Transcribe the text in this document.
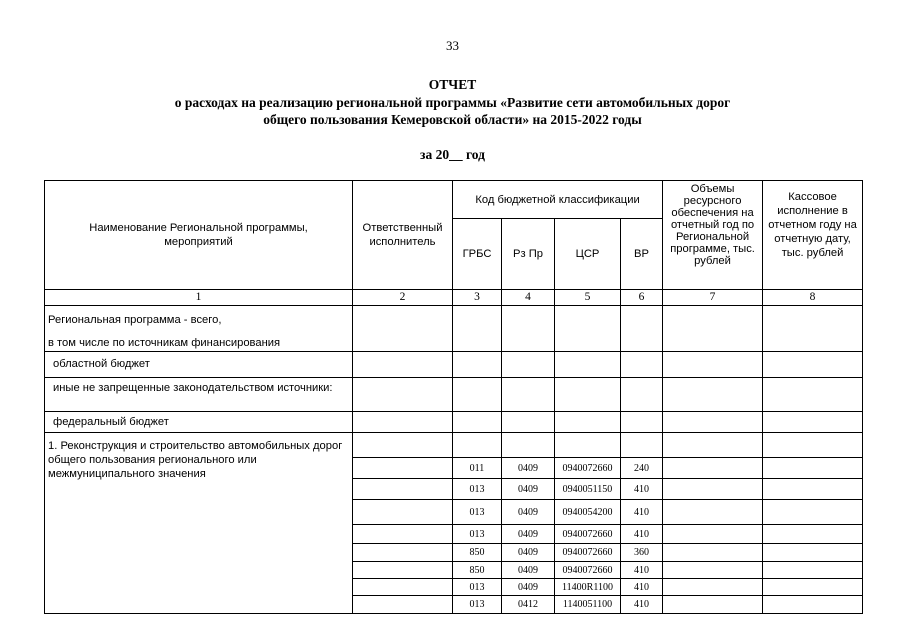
33
ОТЧЕТ
о расходах на реализацию региональной программы «Развитие сети автомобильных дорог
общего пользования Кемеровской области» на 2015-2022 годы
за 20__ год
Наименование Региональной программы, мероприятий	Ответственный исполнитель	Код бюджетной классификации				Объемы ресурсного обеспечения на отчетный год по Региональной программе, тыс. рублей	Кассовое исполнение в отчетном году на отчетную дату, тыс. рублей

		ГРБС	Рз Пр	ЦСР	ВР		
1	2	3	4	5	6	7	8

Региональная программа - всего,
в том числе по источникам финансирования							

областной бюджет							

иные не запрещенные законодательством источники:							

федеральный бюджет							

1. Реконструкция и строительство автомобильных дорог общего пользования регионального или межмуниципального значения							

		011	0409	0940072660	240		
		013	0409	0940051150	410		
		013	0409	0940054200	410		
		013	0409	0940072660	410		
		850	0409	0940072660	360		
		850	0409	0940072660	410		
		013	0409	11400R1100	410		
		013	0412	1140051100	410		
